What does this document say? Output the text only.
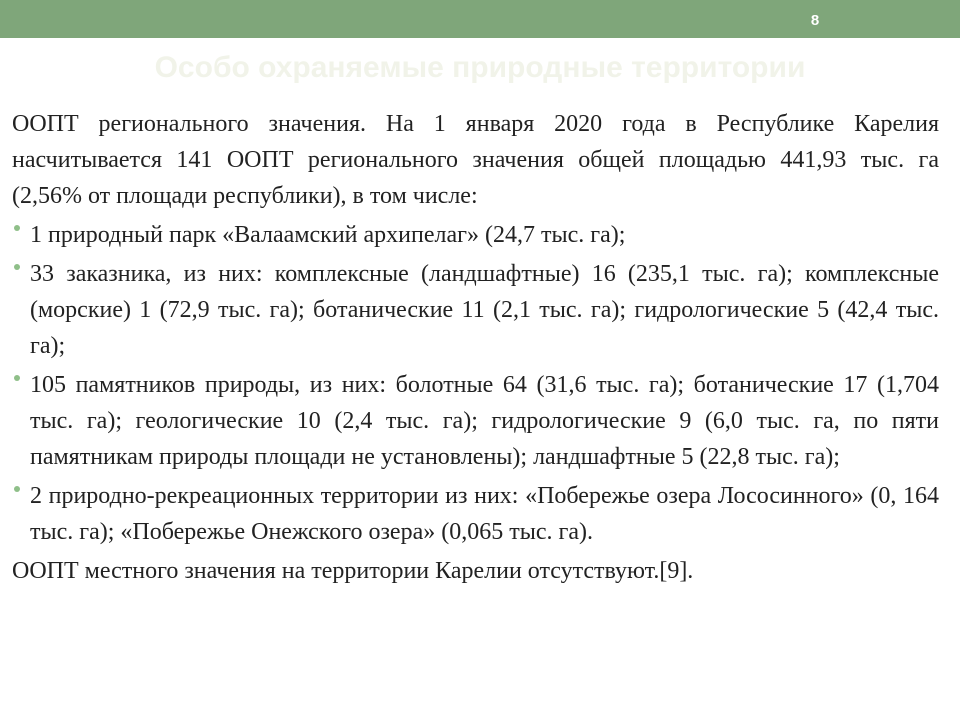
8
Особо охраняемые природные территории

ООПТ регионального значения. На 1 января 2020 года в Республике Карелия насчитывается 141 ООПТ регионального значения общей площадью 441,93 тыс. га (2,56% от площади республики), в том числе:

1 природный парк «Валаамский архипелаг» (24,7 тыс. га);
33 заказника, из них: комплексные (ландшафтные) 16 (235,1 тыс. га); комплексные (морские) 1 (72,9 тыс. га); ботанические 11 (2,1 тыс. га); гидрологические 5 (42,4 тыс. га);
105 памятников природы, из них: болотные 64 (31,6 тыс. га); ботанические 17 (1,704 тыс. га); геологические 10 (2,4 тыс. га); гидрологические 9 (6,0 тыс. га, по пяти памятникам природы площади не установлены); ландшафтные 5 (22,8 тыс. га);
2 природно-рекреационных территории из них: «Побережье озера Лососинного» (0, 164 тыс. га); «Побережье Онежского озера» (0,065 тыс. га).

ООПТ местного значения на территории Карелии отсутствуют.[9].
